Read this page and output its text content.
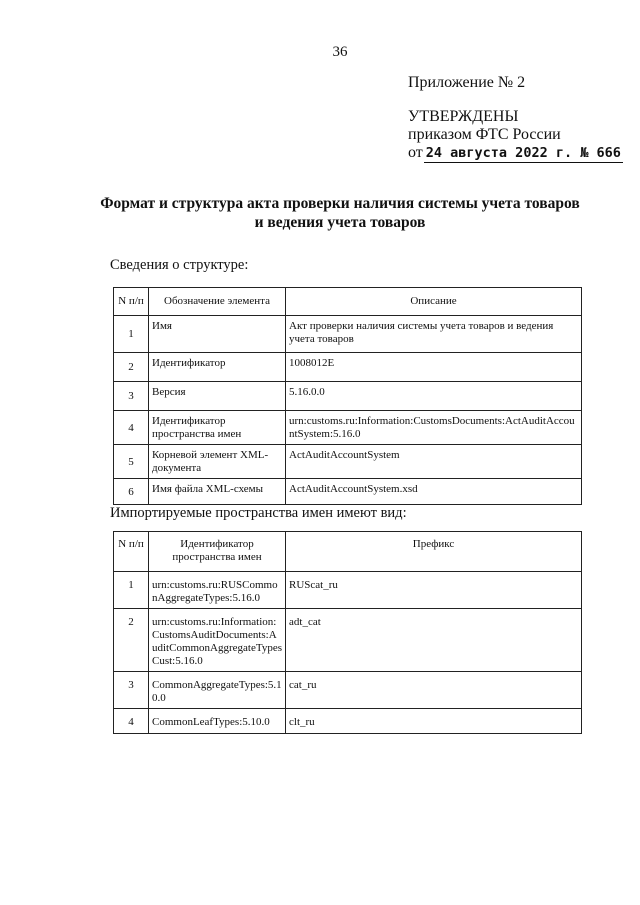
36
Приложение № 2
УТВЕРЖДЕНЫ
приказом ФТС России
от 24 августа 2022 г. № 666
Формат и структура акта проверки наличия системы учета товаров и ведения учета товаров
Сведения о структуре:
N п/п	Обозначение элемента	Описание
1	Имя	Акт проверки наличия системы учета товаров и ведения учета товаров
2	Идентификатор	1008012E
3	Версия	5.16.0.0
4	Идентификатор пространства имен	urn:customs.ru:Information:CustomsDocuments:ActAuditAccountSystem:5.16.0
5	Корневой элемент XML-документа	ActAuditAccountSystem
6	Имя файла XML-схемы	ActAuditAccountSystem.xsd
Импортируемые пространства имен имеют вид:
N п/п	Идентификатор пространства имен	Префикс
1	urn:customs.ru:RUSCommonAggregateTypes:5.16.0	RUScat_ru
2	urn:customs.ru:Information:CustomsAuditDocuments:AuditCommonAggregateTypesCust:5.16.0	adt_cat
3	CommonAggregateTypes:5.10.0	cat_ru
4	CommonLeafTypes:5.10.0	clt_ru
